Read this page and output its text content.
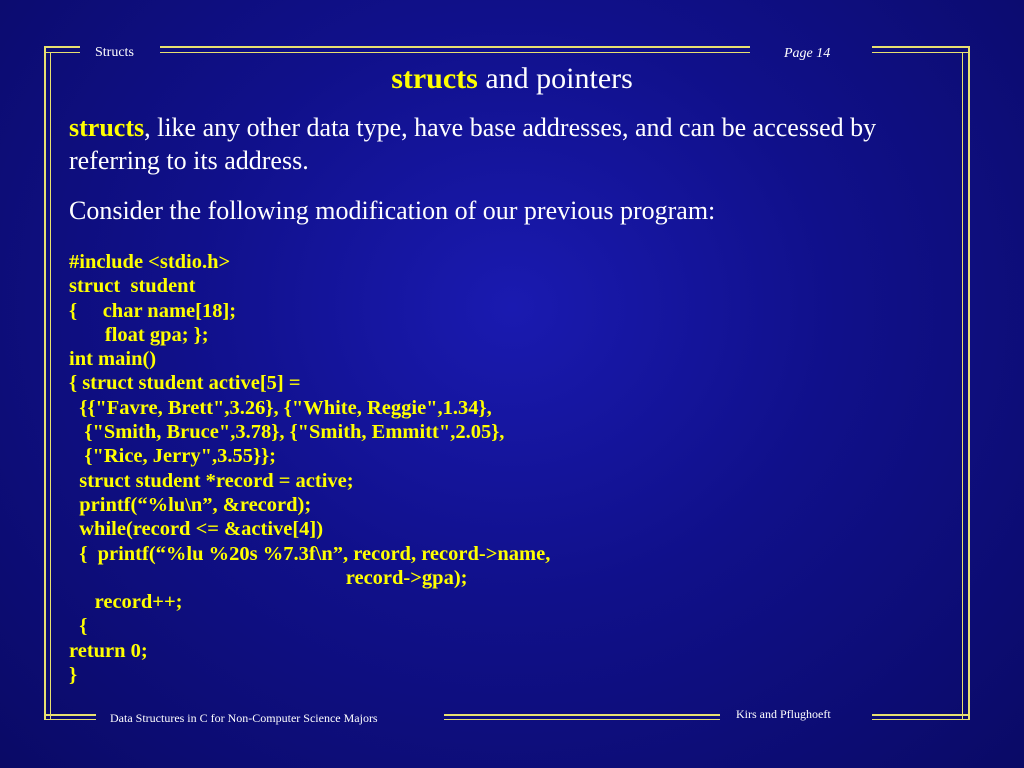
Structs	Page 14
structs and pointers
structs, like any other data type, have base addresses, and can be accessed by referring to its address.
Consider the following modification of our previous program:
#include <stdio.h>
struct  student
{     char name[18];
float gpa; };
int main()
{ struct student active[5] =
{{"Favre, Brett",3.26}, {"White, Reggie",1.34},
{"Smith, Bruce",3.78}, {"Smith, Emmitt",2.05},
{"Rice, Jerry",3.55}};
struct student *record = active;
printf(“%lu\n”, &record);
while(record <= &active[4])
{  printf(“%lu %20s %7.3f\n”, record, record->name,
record->gpa);
record++;
{
return 0;
}
Data Structures in C for Non-Computer Science Majors	Kirs and Pflughoeft
